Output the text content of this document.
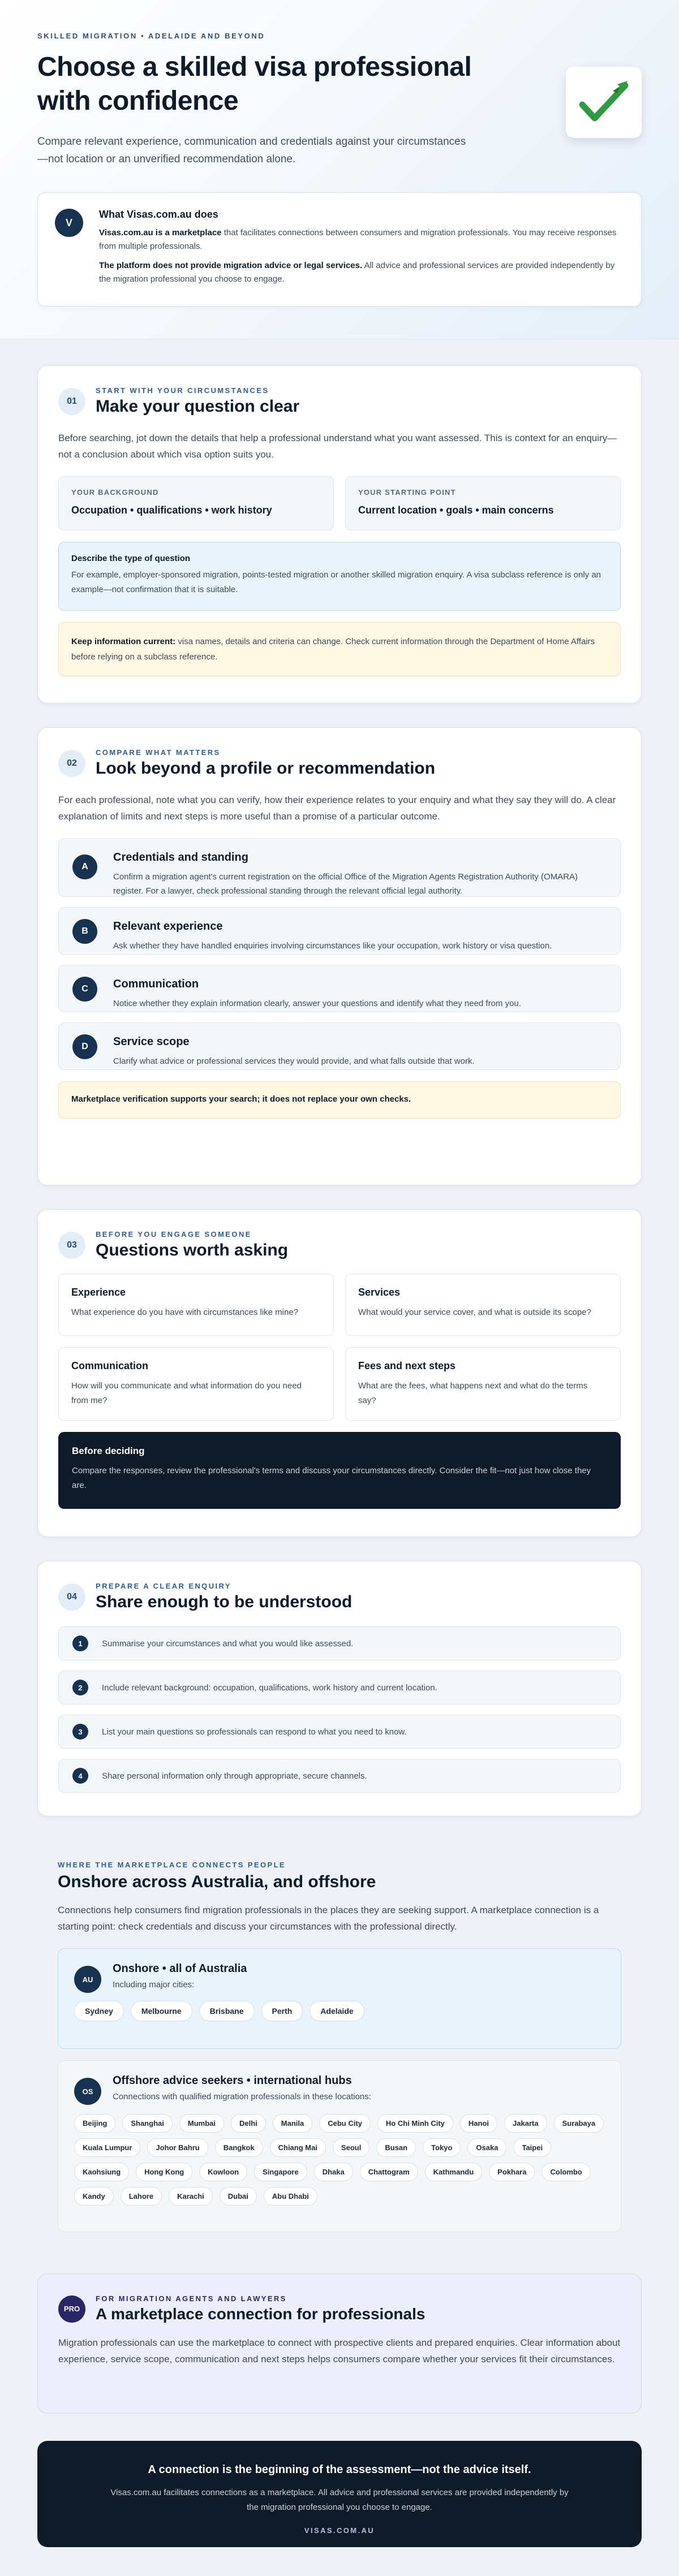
SKILLED MIGRATION • ADELAIDE AND BEYOND
Choose a skilled visa professional with confidence

Compare relevant experience, communication and credentials against your circumstances—not location or an unverified recommendation alone.

V
What Visas.com.au does

Visas.com.au is a marketplace that facilitates connections between consumers and migration professionals. You may receive responses from multiple professionals.

The platform does not provide migration advice or legal services. All advice and professional services are provided independently by the migration professional you choose to engage.

01
START WITH YOUR CIRCUMSTANCES
Make your question clear

Before searching, jot down the details that help a professional understand what you want assessed. This is context for an enquiry—not a conclusion about which visa option suits you.

YOUR BACKGROUND
Occupation • qualifications • work history
YOUR STARTING POINT
Current location • goals • main concerns
Describe the type of question
For example, employer-sponsored migration, points-tested migration or another skilled migration enquiry. A visa subclass reference is only an example—not confirmation that it is suitable.
Keep information current: visa names, details and criteria can change. Check current information through the Department of Home Affairs before relying on a subclass reference.
02
COMPARE WHAT MATTERS
Look beyond a profile or recommendation

For each professional, note what you can verify, how their experience relates to your enquiry and what they say they will do. A clear explanation of limits and next steps is more useful than a promise of a particular outcome.

A
Credentials and standing
Confirm a migration agent's current registration on the official Office of the Migration Agents Registration Authority (OMARA) register. For a lawyer, check professional standing through the relevant official legal authority.
B	Relevant experience
Ask whether they have handled enquiries involving circumstances like your occupation, work history or visa question.
C	Communication
Notice whether they explain information clearly, answer your questions and identify what they need from you.
D	Service scope
Clarify what advice or professional services they would provide, and what falls outside that work.
Marketplace verification supports your search; it does not replace your own checks.
03
BEFORE YOU ENGAGE SOMEONE
Questions worth asking
Experience
What experience do you have with circumstances like mine?
Services
What would your service cover, and what is outside its scope?
Communication
How will you communicate and what information do you need from me?
Fees and next steps
What are the fees, what happens next and what do the terms say?
Before deciding
Compare the responses, review the professional's terms and discuss your circumstances directly. Consider the fit—not just how close they are.
04
PREPARE A CLEAR ENQUIRY
Share enough to be understood
1	Summarise your circumstances and what you would like assessed.
2	Include relevant background: occupation, qualifications, work history and current location.
3	List your main questions so professionals can respond to what you need to know.
4	Share personal information only through appropriate, secure channels.
WHERE THE MARKETPLACE CONNECTS PEOPLE
Onshore across Australia, and offshore

Connections help consumers find migration professionals in the places they are seeking support. A marketplace connection is a starting point: check credentials and discuss your circumstances with the professional directly.

AU
Onshore • all of Australia
Including major cities:
Sydney	Melbourne	Brisbane	Perth	Adelaide
OS
Offshore advice seekers • international hubs
Connections with qualified migration professionals in these locations:
Beijing	Shanghai	Mumbai	Delhi	Manila	Cebu City	Ho Chi Minh City	Hanoi	Jakarta	Surabaya
Kuala Lumpur	Johor Bahru	Bangkok	Chiang Mai	Seoul	Busan	Tokyo	Osaka	Taipei
Kaohsiung	Hong Kong	Kowloon	Singapore	Dhaka	Chattogram	Kathmandu	Pokhara	Colombo
Kandy	Lahore	Karachi	Dubai	Abu Dhabi
PRO
FOR MIGRATION AGENTS AND LAWYERS
A marketplace connection for professionals

Migration professionals can use the marketplace to connect with prospective clients and prepared enquiries. Clear information about experience, service scope, communication and next steps helps consumers compare whether your services fit their circumstances.

A connection is the beginning of the assessment—not the advice itself.
Visas.com.au facilitates connections as a marketplace. All advice and professional services are provided independently by the migration professional you choose to engage.
VISAS.COM.AU
